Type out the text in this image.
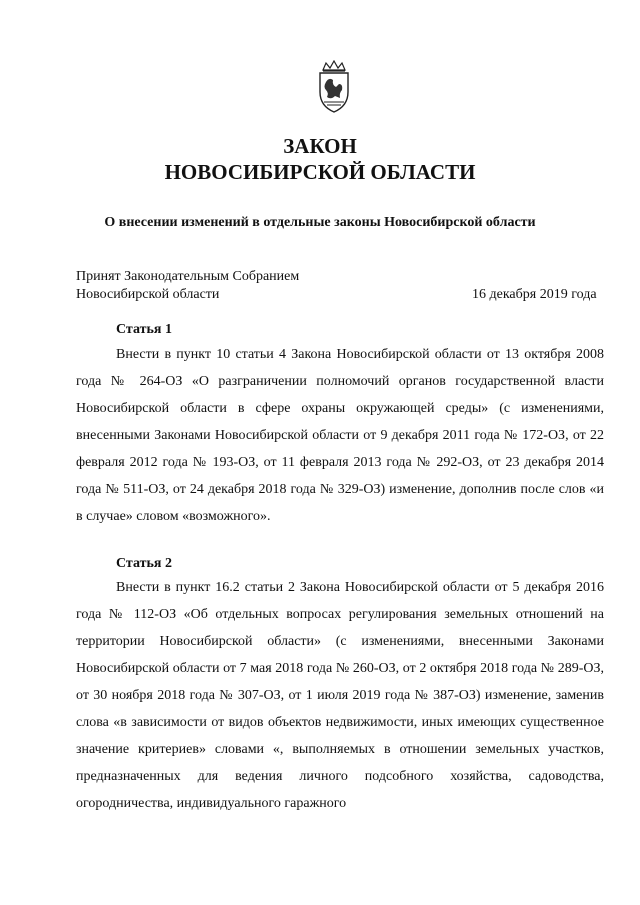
ЗАКОН
НОВОСИБИРСКОЙ ОБЛАСТИ
О внесении изменений в отдельные законы Новосибирской области
Принят Законодательным Собранием
Новосибирской области	16 декабря 2019 года
Статья 1

Внести в пункт 10 статьи 4 Закона Новосибирской области от 13 октября 2008 года № 264-ОЗ «О разграничении полномочий органов государственной власти Новосибирской области в сфере охраны окружающей среды» (с изменениями, внесенными Законами Новосибирской области от 9 декабря 2011 года № 172-ОЗ, от 22 февраля 2012 года № 193-ОЗ, от 11 февраля 2013 года № 292-ОЗ, от 23 декабря 2014 года № 511-ОЗ, от 24 декабря 2018 года № 329-ОЗ) изменение, дополнив после слов «и в случае» словом «возможного».

Статья 2

Внести в пункт 16.2 статьи 2 Закона Новосибирской области от 5 декабря 2016 года № 112-ОЗ «Об отдельных вопросах регулирования земельных отношений на территории Новосибирской области» (с изменениями, внесенными Законами Новосибирской области от 7 мая 2018 года № 260-ОЗ, от 2 октября 2018 года № 289-ОЗ, от 30 ноября 2018 года № 307-ОЗ, от 1 июля 2019 года № 387-ОЗ) изменение, заменив слова «в зависимости от видов объектов недвижимости, иных имеющих существенное значение критериев» словами «, выполняемых в отношении земельных участков, предназначенных для ведения личного подсобного хозяйства, садоводства, огородничества, индивидуального гаражного
